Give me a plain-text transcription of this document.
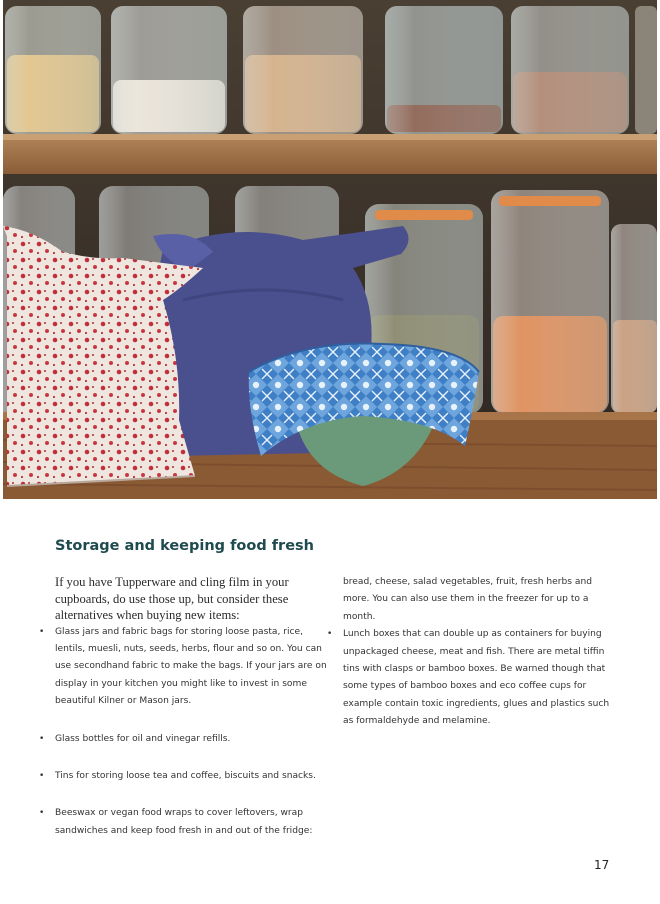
Storage and keeping food fresh

If you have Tupperware and cling film in your cupboards, do use those up, but consider these alternatives when buying new items:

• Glass jars and fabric bags for storing loose pasta, rice, lentils, muesli, nuts, seeds, herbs, flour and so on. You can use secondhand fabric to make the bags. If your jars are on display in your kitchen you might like to invest in some beautiful Kilner or Mason jars.
• Glass bottles for oil and vinegar refills.
• Tins for storing loose tea and coffee, biscuits and snacks.
• Beeswax or vegan food wraps to cover leftovers, wrap sandwiches and keep food fresh in and out of the fridge:

bread, cheese, salad vegetables, fruit, fresh herbs and more. You can also use them in the freezer for up to a month.

• Lunch boxes that can double up as containers for buying unpackaged cheese, meat and fish. There are metal tiffin tins with clasps or bamboo boxes. Be warned though that some types of bamboo boxes and eco coffee cups for example contain toxic ingredients, glues and plastics such as formaldehyde and melamine.
17
